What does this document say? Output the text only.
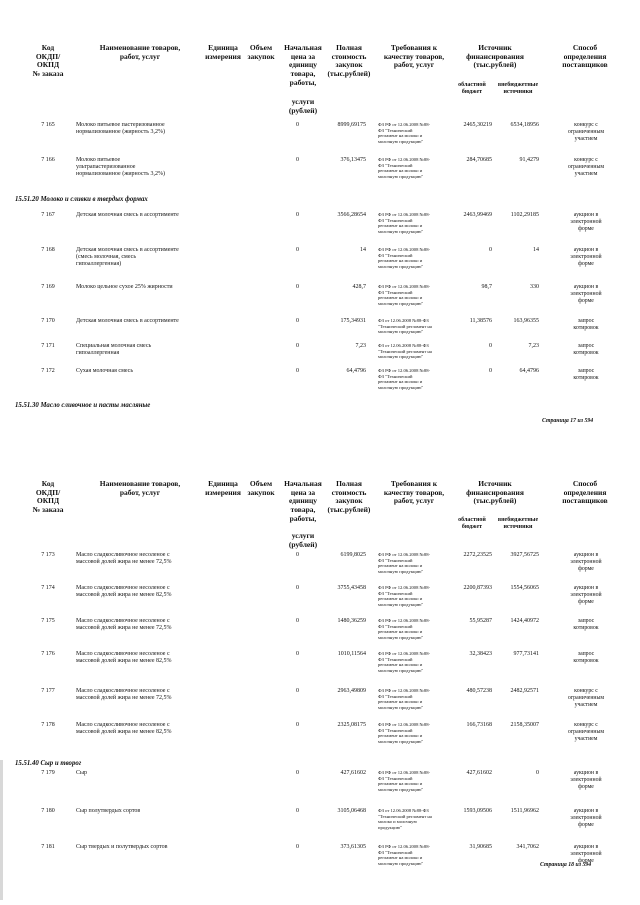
Код
ОКДП/
ОКПД
№ заказа
Наименование товаров,
работ, услуг
Единица
измерения
Объем
закупок
Начальная
цена за
единицу
товара,
работы,
услуги
(рублей)
Полная
стоимость
закупок
(тыс.рублей)
Требования к
качеству товаров,
работ, услуг
Источник
финансирования
(тыс.рублей)
областной
бюджет
внебюджетные
источники
Способ
определения
поставщиков
7 165	Молоко питьевое пастеризованное
нормализованное (жирность 3,2%)
0	8999,69175	ФЗ РФ от 12.06.2008 №88-
ФЗ "Технический
регламент на молоко и
молочную продукцию"
2465,30219	6534,18956	конкурс с
ограниченным
участием
7 166	Молоко питьевое
ультрапастеризованное
нормализованное (жирность 3,2%)
0	376,13475	ФЗ РФ от 12.06.2008 №88-
ФЗ "Технический
регламент на молоко и
молочную продукцию"
284,70685	91,4279	конкурс с
ограниченным
участием
15.51.20 Молоко и сливки в твердых формах
7 167	Детская молочная смесь в ассортименте	0	3566,28654	ФЗ РФ от 12.06.2008 №88-
ФЗ "Технический
регламент на молоко и
молочную продукцию"
2463,99469	1102,29185	аукцион в
электронной
форме
7 168	Детская молочная смесь в ассортименте
(смесь молочная, смесь
гипоаллергенная)
0	14	ФЗ РФ от 12.06.2008 №88-
ФЗ "Технический
регламент на молоко и
молочную продукцию"
0	14	аукцион в
электронной
форме
7 169	Молоко цельное сухое 25% жирности	0	428,7	ФЗ РФ от 12.06.2008 №88-
ФЗ "Технический
регламент на молоко и
молочную продукцию"
98,7	330	аукцион в
электронной
форме
7 170	Детская молочная смесь в ассортименте	0	175,34931	ФЗ от 12.06.2008 №88-ФЗ
"Технический регламент на
молочную продукцию"
11,38576	163,96355	запрос
котировок
7 171	Специальная молочная смесь
гипоаллергенная
0	7,23	ФЗ от 12.06.2008 №88-ФЗ
"Технический регламент на
молочную продукцию"
0	7,23	запрос
котировок
7 172	Сухая молочная смесь	0	64,4796	ФЗ РФ от 12.06.2008 №88-
ФЗ "Технический
регламент на молоко и
молочную продукцию"
0	64,4796	запрос
котировок
15.51.30 Масло сливочное и пасты масляные
Страница 17 из 594
Код
ОКДП/
ОКПД
№ заказа
Наименование товаров,
работ, услуг
Единица
измерения
Объем
закупок
Начальная
цена за
единицу
товара,
работы,
услуги
(рублей)
Полная
стоимость
закупок
(тыс.рублей)
Требования к
качеству товаров,
работ, услуг
Источник
финансирования
(тыс.рублей)
областной
бюджет
внебюджетные
источники
Способ
определения
поставщиков
7 173	Масло сладкосливочное несоленое с
массовой долей жира не менее 72,5%
0	6199,8025	ФЗ РФ от 12.06.2008 №88-
ФЗ "Технический
регламент на молоко и
молочную продукцию"
2272,23525	3927,56725	аукцион в
электронной
форме
7 174	Масло сладкосливочное несоленое с
массовой долей жира не менее 82,5%
0	3755,43458	ФЗ РФ от 12.06.2008 №88-
ФЗ "Технический
регламент на молоко и
молочную продукцию"
2200,87393	1554,56065	аукцион в
электронной
форме
7 175	Масло сладкосливочное несоленое с
массовой долей жира не менее 72,5%
0	1480,36259	ФЗ РФ от 12.06.2008 №88-
ФЗ "Технический
регламент на молоко и
молочную продукцию"
55,95287	1424,40972	запрос
котировок
7 176	Масло сладкосливочное несоленое с
массовой долей жира не менее 82,5%
0	1010,11564	ФЗ РФ от 12.06.2008 №88-
ФЗ "Технический
регламент на молоко и
молочную продукцию"
32,38423	977,73141	запрос
котировок
7 177	Масло сладкосливочное несоленое с
массовой долей жира не менее 72,5%
0	2963,49809	ФЗ РФ от 12.06.2008 №88-
ФЗ "Технический
регламент на молоко и
молочную продукцию"
480,57238	2482,92571	конкурс с
ограниченным
участием
7 178	Масло сладкосливочное несоленое с
массовой долей жира не менее 82,5%
0	2325,08175	ФЗ РФ от 12.06.2008 №88-
ФЗ "Технический
регламент на молоко и
молочную продукцию"
166,73168	2158,35007	конкурс с
ограниченным
участием
15.51.40 Сыр и творог
7 179	Сыр	0	427,61602	ФЗ РФ от 12.06.2008 №88-
ФЗ "Технический
регламент на молоко и
молочную продукцию"
427,61602	0	аукцион в
электронной
форме
7 180	Сыр полутвердых сортов	0	3105,06468	ФЗ от 12.06.2008 №88-ФЗ
"Технический регламент на
молоко и молочную
продукцию"
1593,09506	1511,96962	аукцион в
электронной
форме
7 181	Сыр твердых и полутвердых сортов	0	373,61305	ФЗ РФ от 12.06.2008 №88-
ФЗ "Технический
регламент на молоко и
молочную продукцию"
31,90685	341,7062	аукцион в
электронной
форме
Страница 18 из 594
